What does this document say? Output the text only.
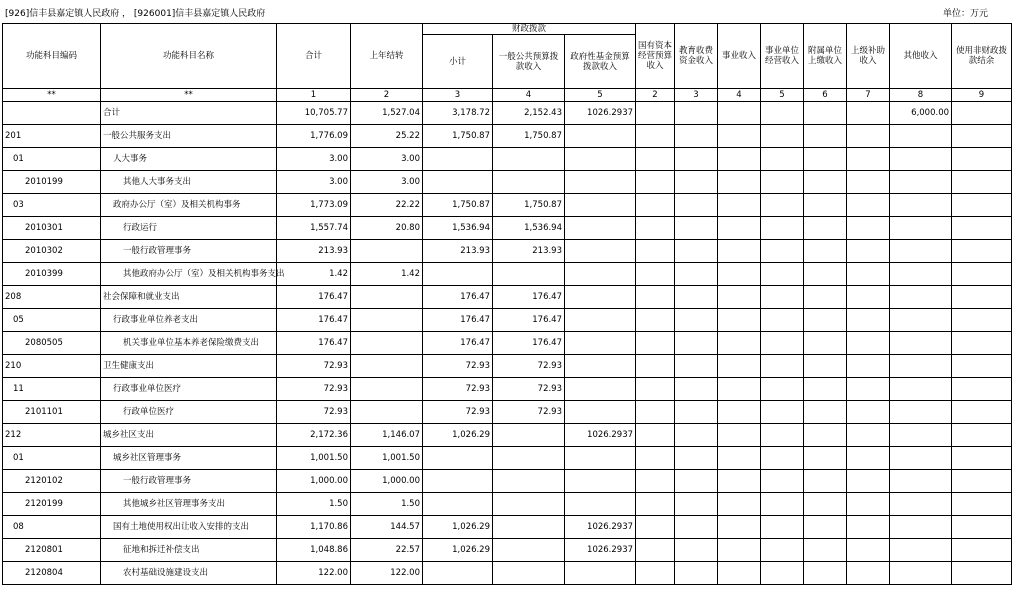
[926]信丰县嘉定镇人民政府 ， [926001]信丰县嘉定镇人民政府	单位：万元
功能科目编码	功能科目名称	合计	上年结转	财政拨款			国有资本经营预算收入	教育收费资金收入	事业收入	事业单位经营收入	附属单位上缴收入	上级补助收入	其他收入	使用非财政拨款结余
				小计	一般公共预算拨款收入	政府性基金预算拨款收入								
**	**	1	2	3	4	5	2	3	4	5	6	7	8	9
	合计	10,705.77	1,527.04	3,178.72	2,152.43	1026.2937							6,000.00	
201	一般公共服务支出	1,776.09	25.22	1,750.87	1,750.87									
01	人大事务	3.00	3.00											
2010199	其他人大事务支出	3.00	3.00											
03	政府办公厅（室）及相关机构事务	1,773.09	22.22	1,750.87	1,750.87									
2010301	行政运行	1,557.74	20.80	1,536.94	1,536.94									
2010302	一般行政管理事务	213.93		213.93	213.93									
2010399	其他政府办公厅（室）及相关机构事务支出	1.42	1.42											
208	社会保障和就业支出	176.47		176.47	176.47									
05	行政事业单位养老支出	176.47		176.47	176.47									
2080505	机关事业单位基本养老保险缴费支出	176.47		176.47	176.47									
210	卫生健康支出	72.93		72.93	72.93									
11	行政事业单位医疗	72.93		72.93	72.93									
2101101	行政单位医疗	72.93		72.93	72.93									
212	城乡社区支出	2,172.36	1,146.07	1,026.29		1026.2937								
01	城乡社区管理事务	1,001.50	1,001.50											
2120102	一般行政管理事务	1,000.00	1,000.00											
2120199	其他城乡社区管理事务支出	1.50	1.50											
08	国有土地使用权出让收入安排的支出	1,170.86	144.57	1,026.29		1026.2937								
2120801	征地和拆迁补偿支出	1,048.86	22.57	1,026.29		1026.2937								
2120804	农村基础设施建设支出	122.00	122.00											
